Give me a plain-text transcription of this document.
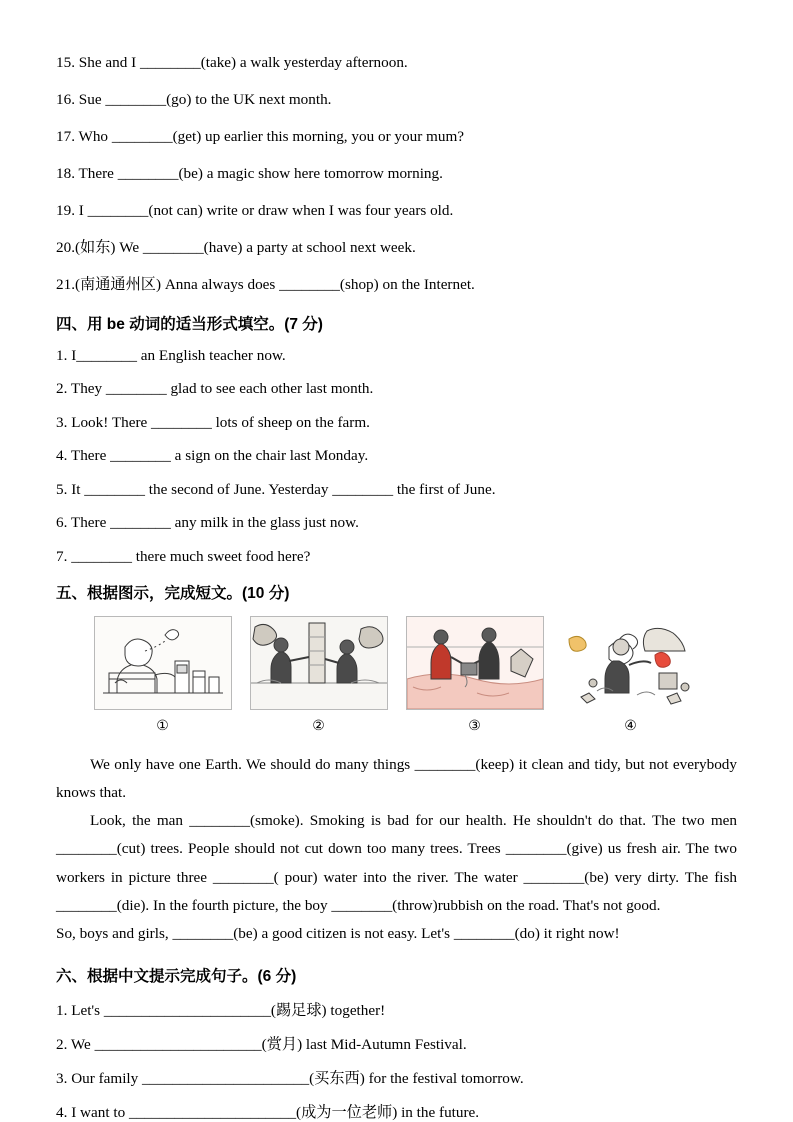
15. She and I ________(take) a walk yesterday afternoon.

16. Sue ________(go) to the UK next month.

17. Who ________(get) up earlier this morning, you or your mum?

18. There ________(be) a magic show here tomorrow morning.

19. I ________(not can) write or draw when I was four years old.

20.(如东) We ________(have) a party at school next week.

21.(南通通州区) Anna always does ________(shop) on the Internet.

四、用 be 动词的适当形式填空。(7 分)

1. I________ an English teacher now.

2. They ________ glad to see each other last month.

3. Look! There ________ lots of sheep on the farm.

4. There ________ a sign on the chair last Monday.

5. It ________ the second of June. Yesterday ________ the first of June.

6. There ________ any milk in the glass just now.

7. ________ there much sweet food here?

五、根据图示，完成短文。(10 分)
①	②	③	④

We only have one Earth. We should do many things ________(keep) it clean and tidy, but not everybody knows that.

Look, the man ________(smoke). Smoking is bad for our health. He shouldn't do that. The two men ________(cut) trees. People should not cut down too many trees. Trees ________(give) us fresh air. The two workers in picture three ________( pour) water into the river. The water ________(be) very dirty. The fish ________(die). In the fourth picture, the boy ________(throw)rubbish on the road. That's not good.

So, boys and girls, ________(be) a good citizen is not easy. Let's ________(do) it right now!

六、根据中文提示完成句子。(6 分)

1. Let's ______________________(踢足球) together!

2. We ______________________(赏月) last Mid-Autumn Festival.

3. Our family ______________________(买东西) for the festival tomorrow.

4. I want to ______________________(成为一位老师) in the future.
